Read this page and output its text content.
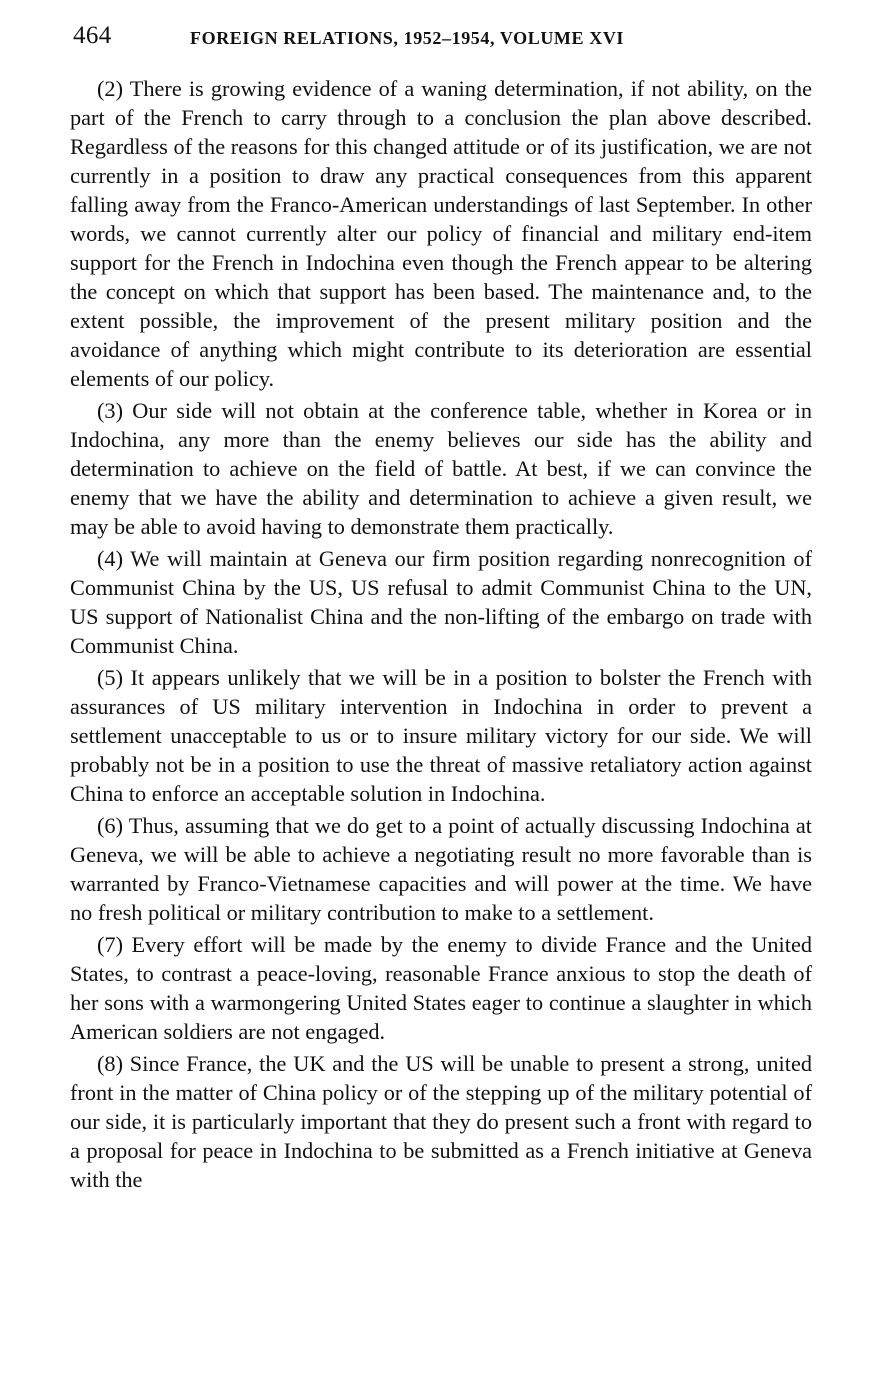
464	FOREIGN RELATIONS, 1952–1954, VOLUME XVI

(2) There is growing evidence of a waning determination, if not ability, on the part of the French to carry through to a conclusion the plan above described. Regardless of the reasons for this changed attitude or of its justification, we are not currently in a position to draw any practical consequences from this apparent falling away from the Franco-American understandings of last September. In other words, we cannot currently alter our policy of financial and military end-item support for the French in Indochina even though the French appear to be altering the concept on which that support has been based. The maintenance and, to the extent possible, the improvement of the present military position and the avoidance of anything which might contribute to its deterioration are essential elements of our policy.

(3) Our side will not obtain at the conference table, whether in Korea or in Indochina, any more than the enemy believes our side has the ability and determination to achieve on the field of battle. At best, if we can convince the enemy that we have the ability and determination to achieve a given result, we may be able to avoid having to demonstrate them practically.

(4) We will maintain at Geneva our firm position regarding nonrecognition of Communist China by the US, US refusal to admit Communist China to the UN, US support of Nationalist China and the non-lifting of the embargo on trade with Communist China.

(5) It appears unlikely that we will be in a position to bolster the French with assurances of US military intervention in Indochina in order to prevent a settlement unacceptable to us or to insure military victory for our side. We will probably not be in a position to use the threat of massive retaliatory action against China to enforce an acceptable solution in Indochina.

(6) Thus, assuming that we do get to a point of actually discussing Indochina at Geneva, we will be able to achieve a negotiating result no more favorable than is warranted by Franco-Vietnamese capacities and will power at the time. We have no fresh political or military contribution to make to a settlement.

(7) Every effort will be made by the enemy to divide France and the United States, to contrast a peace-loving, reasonable France anxious to stop the death of her sons with a warmongering United States eager to continue a slaughter in which American soldiers are not engaged.

(8) Since France, the UK and the US will be unable to present a strong, united front in the matter of China policy or of the stepping up of the military potential of our side, it is particularly important that they do present such a front with regard to a proposal for peace in Indochina to be submitted as a French initiative at Geneva with the
